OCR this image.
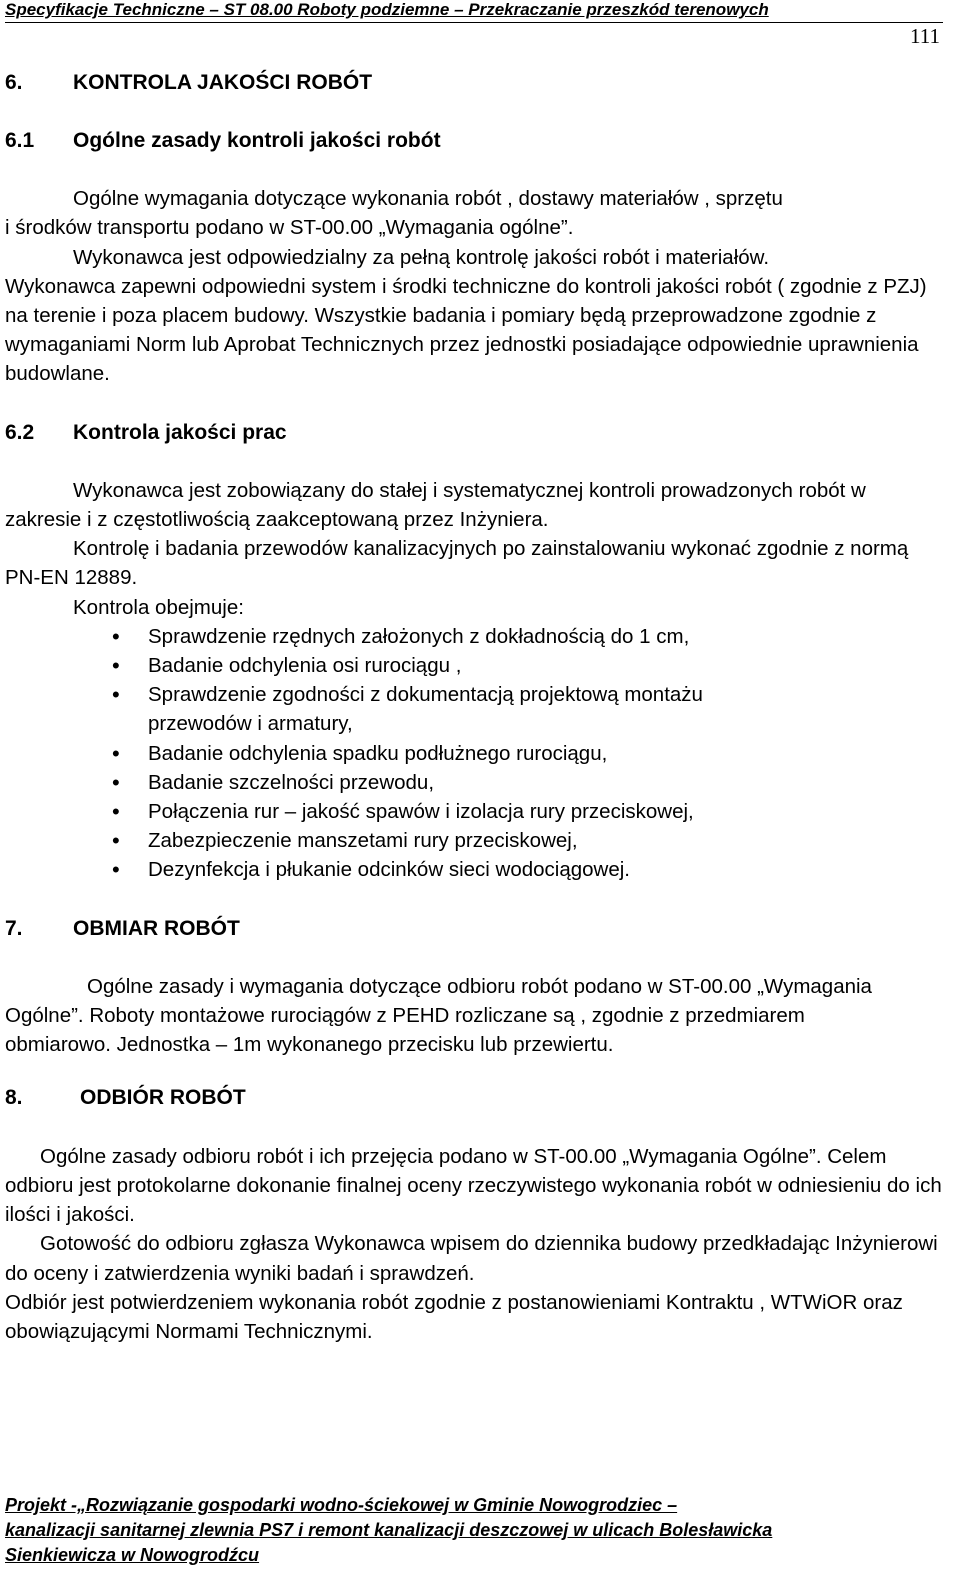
Specyfikacje Techniczne – ST 08.00 Roboty podziemne – Przekraczanie przeszkód terenowych
111
6. KONTROLA JAKOŚCI ROBÓT
6.1 Ogólne zasady kontroli jakości robót

Ogólne wymagania dotyczące wykonania robót , dostawy materiałów , sprzętu
i środków transportu podano w ST-00.00 „Wymagania ogólne”.

Wykonawca jest odpowiedzialny za pełną kontrolę jakości robót i materiałów.

Wykonawca zapewni odpowiedni system i środki techniczne do kontroli jakości robót ( zgodnie z PZJ) na terenie i poza placem budowy. Wszystkie badania i pomiary będą przeprowadzone zgodnie z wymaganiami Norm lub Aprobat Technicznych przez jednostki posiadające odpowiednie uprawnienia budowlane.

6.2 Kontrola jakości prac

Wykonawca jest zobowiązany do stałej i systematycznej kontroli prowadzonych robót w zakresie i z częstotliwością zaakceptowaną przez Inżyniera.

Kontrolę i badania przewodów kanalizacyjnych po zainstalowaniu wykonać zgodnie z normą PN-EN 12889.

Kontrola obejmuje:

• Sprawdzenie rzędnych założonych z dokładnością do 1 cm,
• Badanie odchylenia osi rurociągu ,
• Sprawdzenie zgodności z dokumentacją projektową montażu przewodów i armatury,
• Badanie odchylenia spadku podłużnego rurociągu,
• Badanie szczelności przewodu,
• Połączenia rur – jakość spawów i izolacja rury przeciskowej,
• Zabezpieczenie manszetami rury przeciskowej,
• Dezynfekcja i płukanie odcinków sieci wodociągowej.
7. OBMIAR ROBÓT

Ogólne zasady i wymagania dotyczące odbioru robót podano w ST-00.00 „Wymagania Ogólne”. Roboty montażowe rurociągów z PEHD rozliczane są , zgodnie z przedmiarem obmiarowo. Jednostka – 1m wykonanego przecisku lub przewiertu.

8.	ODBIÓR ROBÓT

Ogólne zasady odbioru robót i ich przejęcia podano w ST-00.00 „Wymagania Ogólne”. Celem odbioru jest protokolarne dokonanie finalnej oceny rzeczywistego wykonania robót w odniesieniu do ich ilości i jakości.

Gotowość do odbioru zgłasza Wykonawca wpisem do dziennika budowy przedkładając Inżynierowi do oceny i zatwierdzenia wyniki badań i sprawdzeń.

Odbiór jest potwierdzeniem wykonania robót zgodnie z postanowieniami Kontraktu , WTWiOR oraz obowiązującymi Normami Technicznymi.

Projekt -„Rozwiązanie gospodarki wodno-ściekowej w Gminie Nowogrodziec –
kanalizacji sanitarnej zlewnia PS7 i remont kanalizacji deszczowej w ulicach Bolesławicka
Sienkiewicza w Nowogrodźcu
